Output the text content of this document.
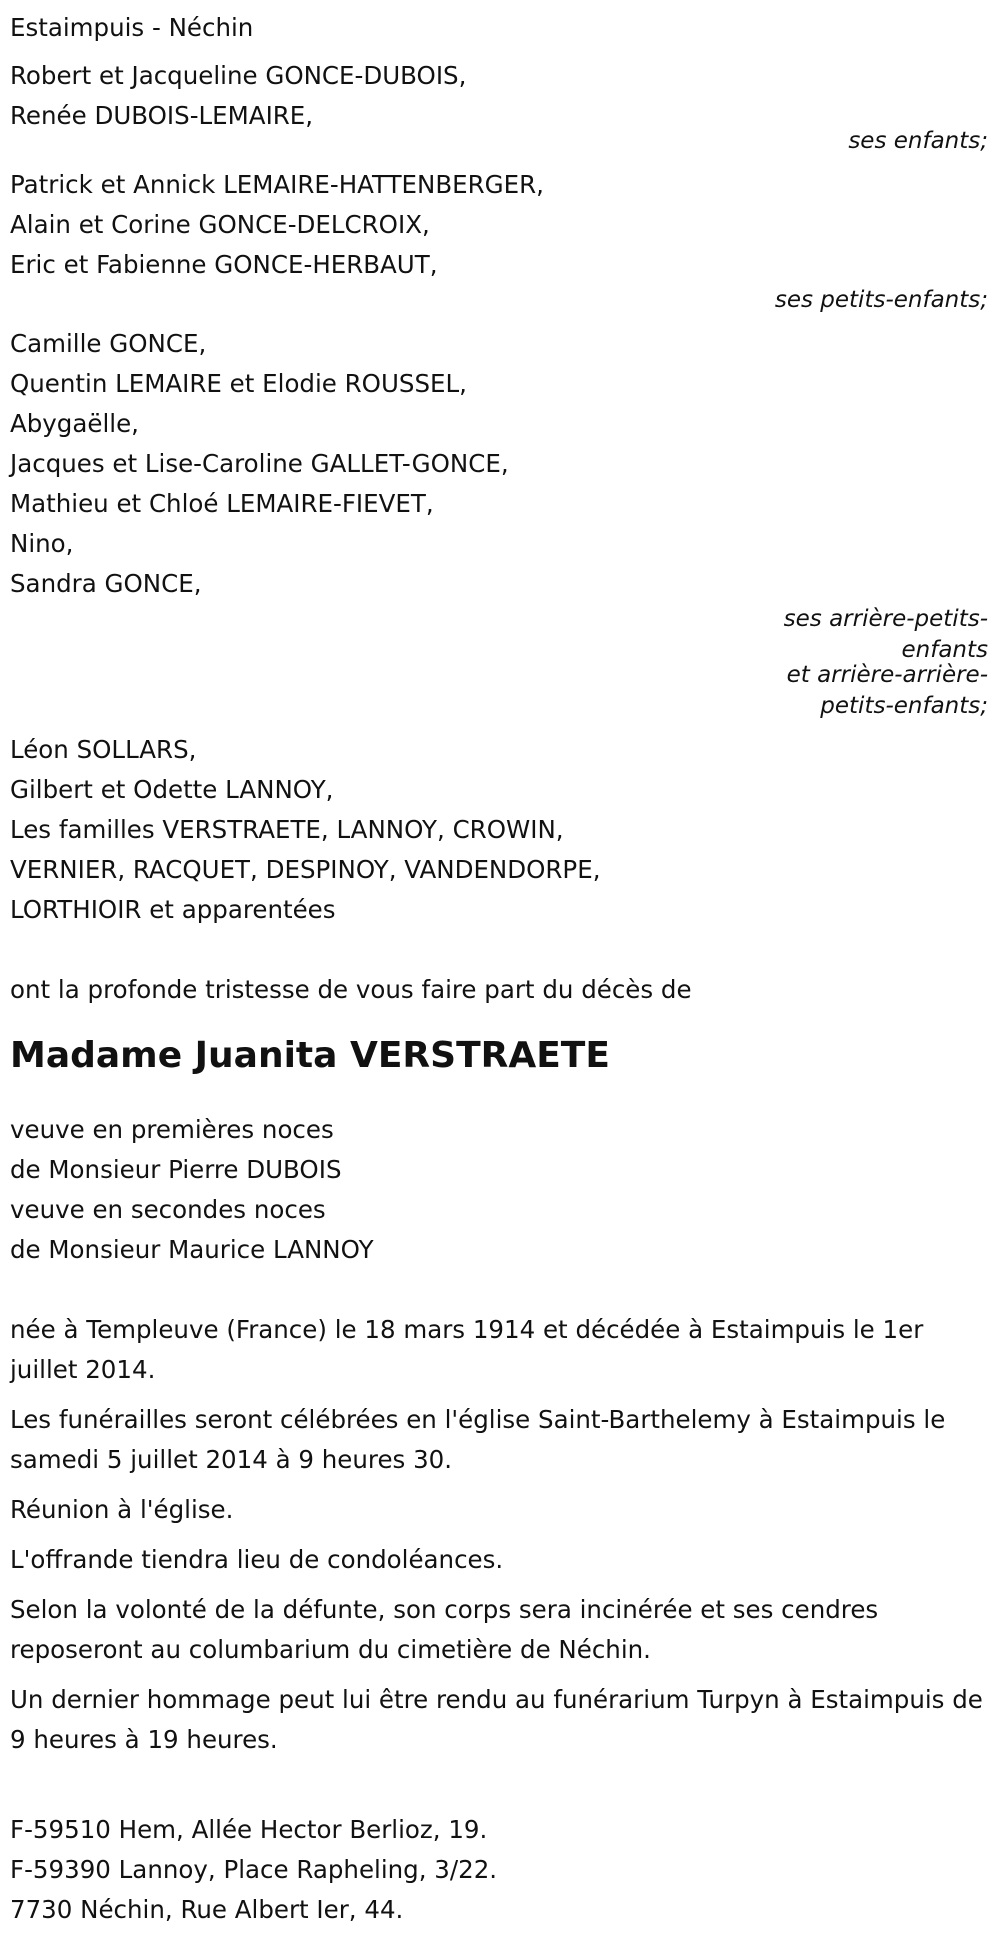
Estaimpuis - Néchin
Robert et Jacqueline GONCE-DUBOIS,
Renée DUBOIS-LEMAIRE,
ses enfants;
Patrick et Annick LEMAIRE-HATTENBERGER,
Alain et Corine GONCE-DELCROIX,
Eric et Fabienne GONCE-HERBAUT,
ses petits-enfants;
Camille GONCE,
Quentin LEMAIRE et Elodie ROUSSEL,
Abygaëlle,
Jacques et Lise-Caroline GALLET-GONCE,
Mathieu et Chloé LEMAIRE-FIEVET,
Nino,
Sandra GONCE,
ses arrière-petits-enfants
et arrière-arrière-petits-enfants;
Léon SOLLARS,
Gilbert et Odette LANNOY,
Les familles VERSTRAETE, LANNOY, CROWIN,
VERNIER, RACQUET, DESPINOY, VANDENDORPE,
LORTHIOIR et apparentées
ont la profonde tristesse de vous faire part du décès de
Madame Juanita VERSTRAETE
veuve en premières noces
de Monsieur Pierre DUBOIS
veuve en secondes noces
de Monsieur Maurice LANNOY
née à Templeuve (France) le 18 mars 1914 et décédée à Estaimpuis le 1er juillet 2014.
Les funérailles seront célébrées en l'église Saint-Barthelemy à Estaimpuis le samedi 5 juillet 2014 à 9 heures 30.
Réunion à l'église.
L'offrande tiendra lieu de condoléances.
Selon la volonté de la défunte, son corps sera incinérée et ses cendres reposeront au columbarium du cimetière de Néchin.
Un dernier hommage peut lui être rendu au funérarium Turpyn à Estaimpuis de 9 heures à 19 heures.
F-59510 Hem, Allée Hector Berlioz, 19.
F-59390 Lannoy, Place Rapheling, 3/22.
7730 Néchin, Rue Albert Ier, 44.
